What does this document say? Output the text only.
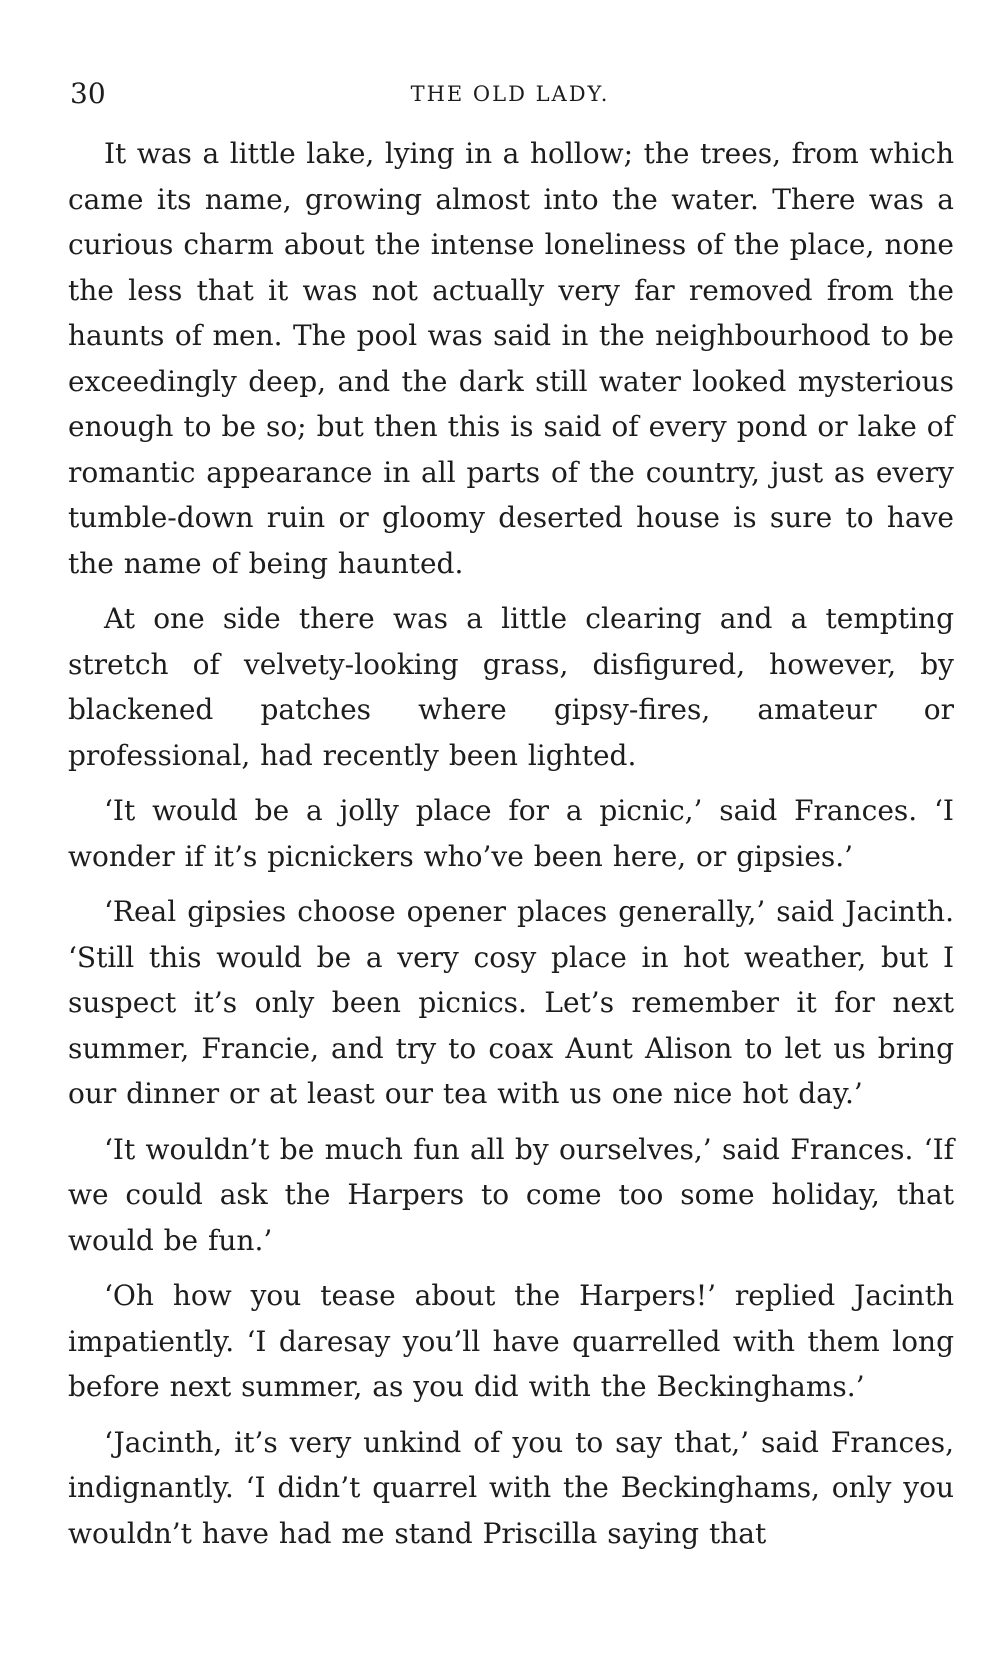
30	THE OLD LADY.

It was a little lake, lying in a hollow; the trees, from which came its name, growing almost into the water. There was a curious charm about the intense loneliness of the place, none the less that it was not actually very far removed from the haunts of men. The pool was said in the neighbourhood to be exceedingly deep, and the dark still water looked mysterious enough to be so; but then this is said of every pond or lake of romantic appearance in all parts of the country, just as every tumble-down ruin or gloomy deserted house is sure to have the name of being haunted.

At one side there was a little clearing and a tempting stretch of velvety-looking grass, disfigured, however, by blackened patches where gipsy-fires, amateur or professional, had recently been lighted.

‘It would be a jolly place for a picnic,’ said Frances. ‘I wonder if it’s picnickers who’ve been here, or gipsies.’

‘Real gipsies choose opener places generally,’ said Jacinth. ‘Still this would be a very cosy place in hot weather, but I suspect it’s only been picnics. Let’s remember it for next summer, Francie, and try to coax Aunt Alison to let us bring our dinner or at least our tea with us one nice hot day.’

‘It wouldn’t be much fun all by ourselves,’ said Frances. ‘If we could ask the Harpers to come too some holiday, that would be fun.’

‘Oh how you tease about the Harpers!’ replied Jacinth impatiently. ‘I daresay you’ll have quarrelled with them long before next summer, as you did with the Beckinghams.’

‘Jacinth, it’s very unkind of you to say that,’ said Frances, indignantly. ‘I didn’t quarrel with the Beckinghams, only you wouldn’t have had me stand Priscilla saying that
